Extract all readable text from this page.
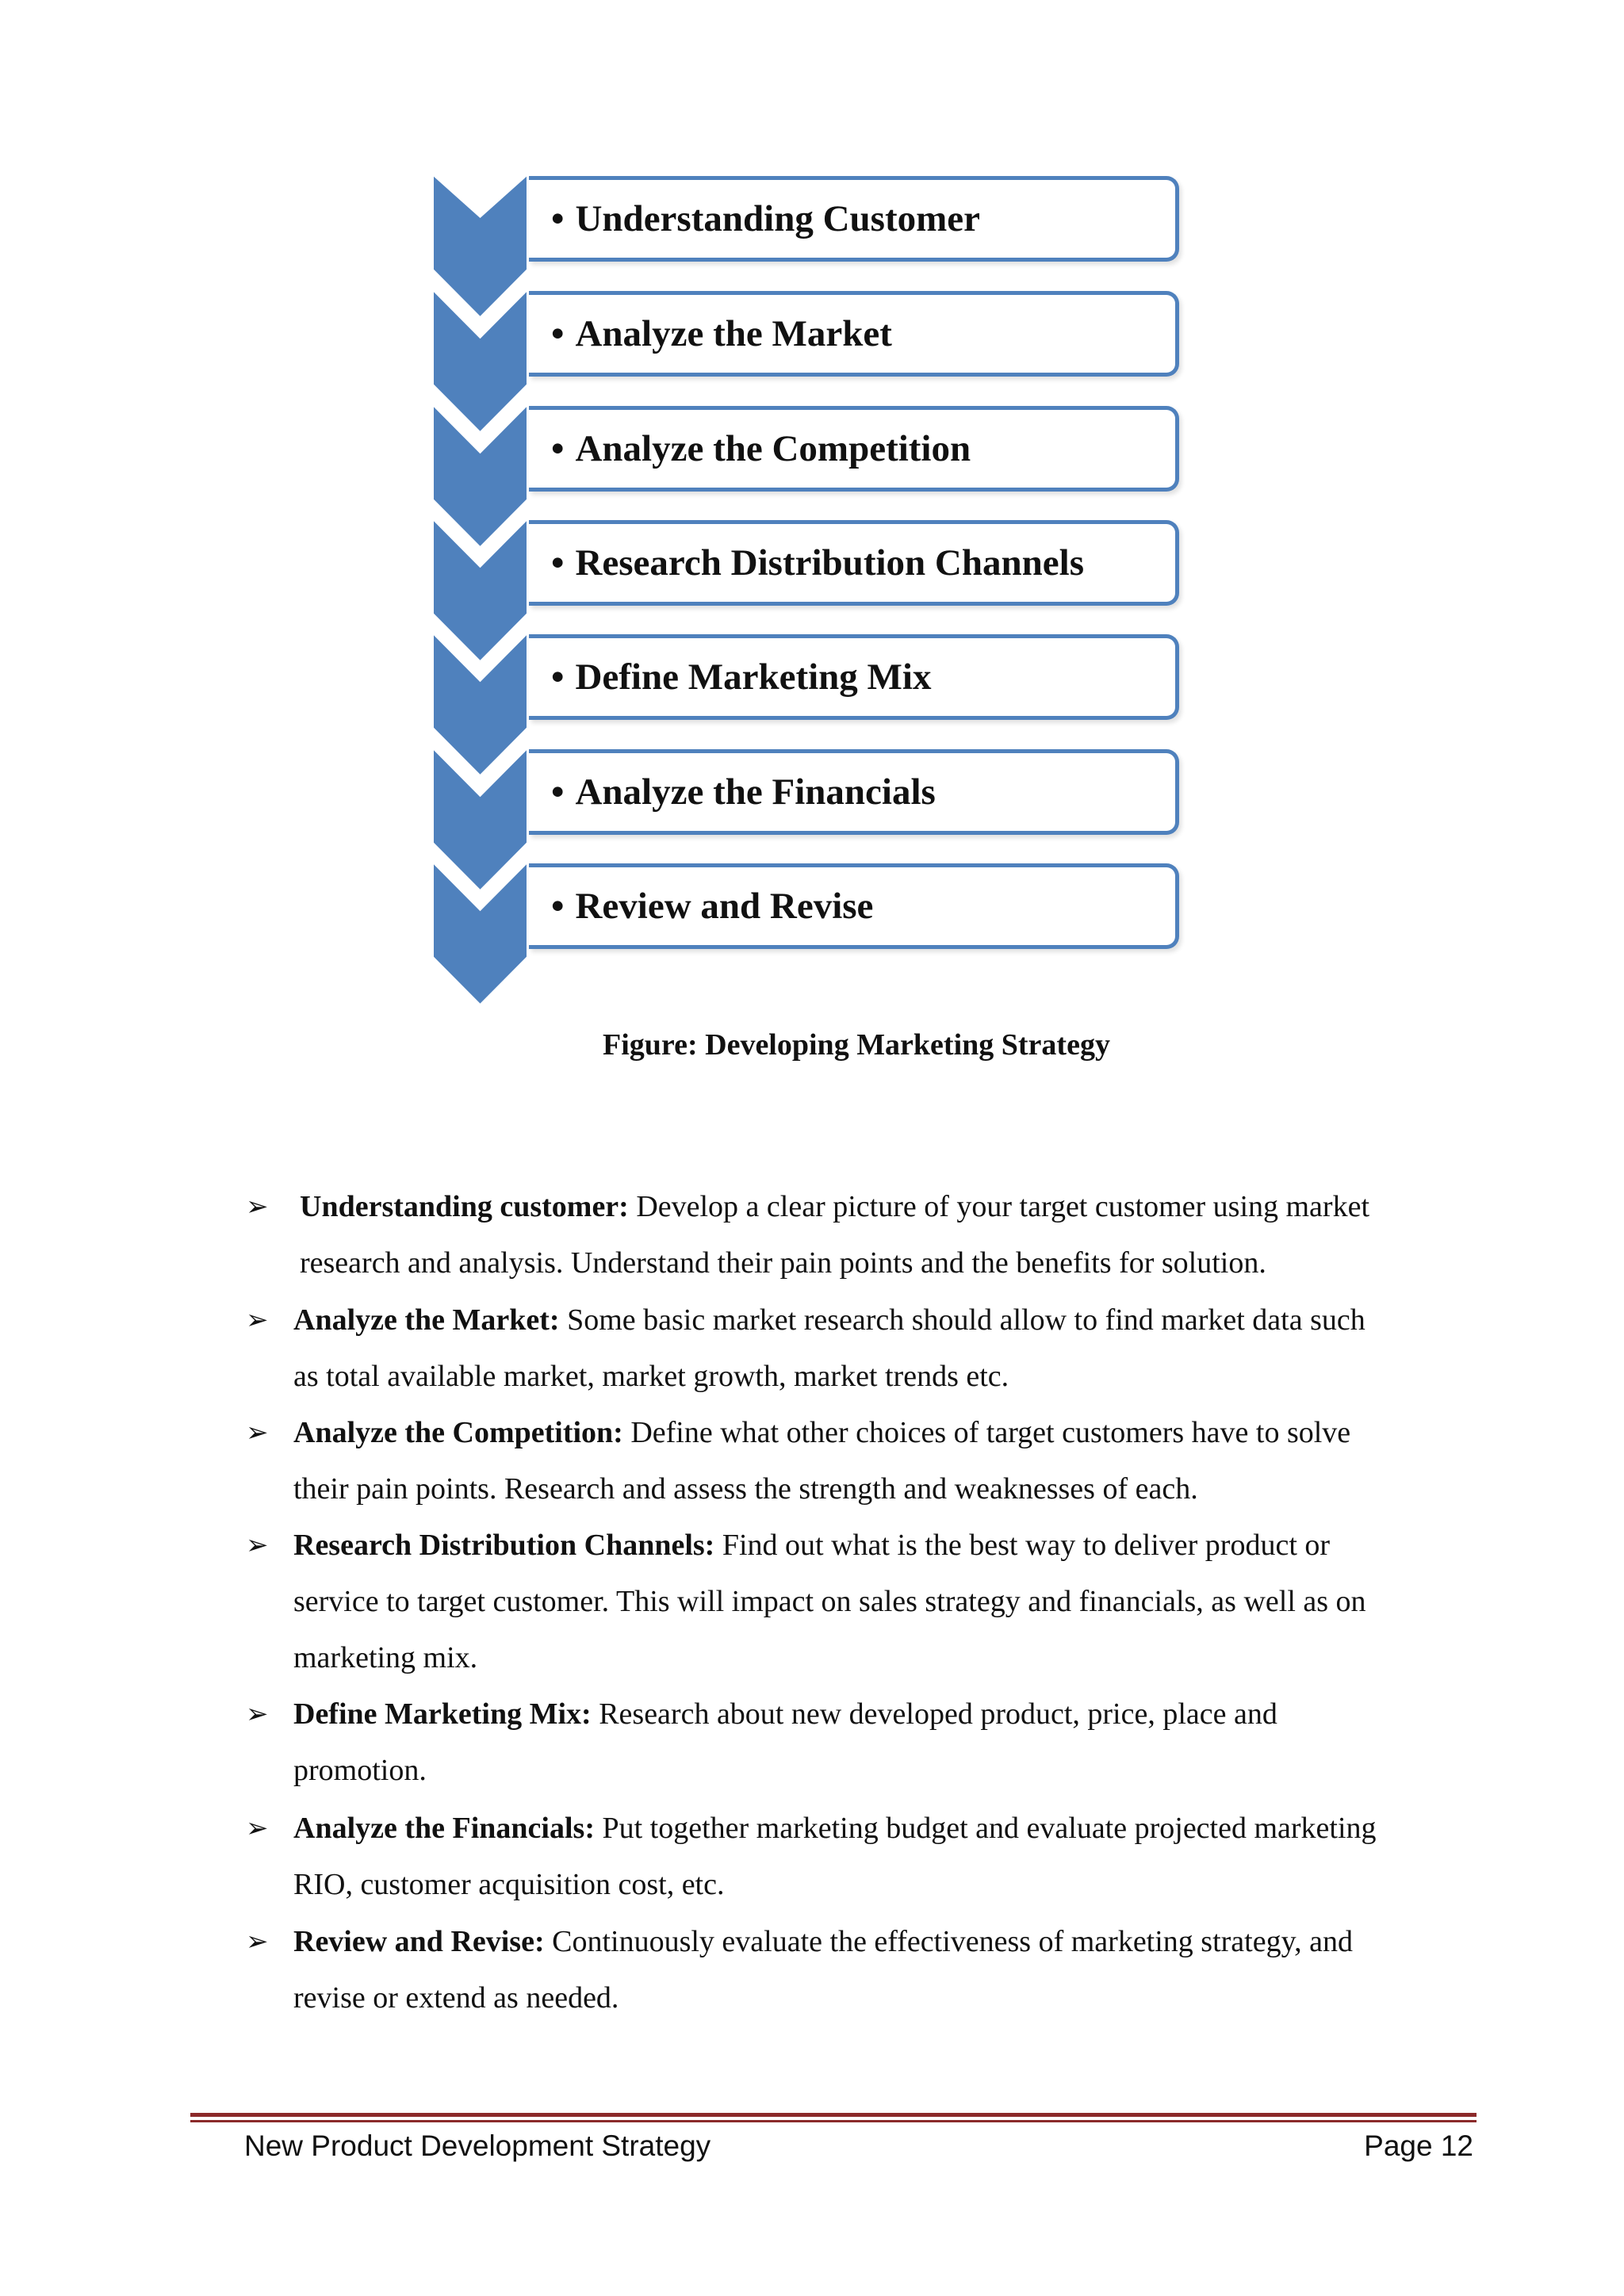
• Understanding Customer
• Analyze the Market
• Analyze the Competition
• Research Distribution Channels
• Define Marketing Mix
• Analyze the Financials
• Review and Revise
Figure: Developing Marketing Strategy
➢ Understanding customer: Develop a clear picture of your target customer using market
research and analysis. Understand their pain points and the benefits for solution.
➢ Analyze the Market: Some basic market research should allow to find market data such
as total available market, market growth, market trends etc.
➢ Analyze the Competition: Define what other choices of target customers have to solve
their pain points. Research and assess the strength and weaknesses of each.
➢ Research Distribution Channels: Find out what is the best way to deliver product or
service to target customer. This will impact on sales strategy and financials, as well as on
marketing mix.
➢ Define Marketing Mix: Research about new developed product, price, place and
promotion.
➢ Analyze the Financials: Put together marketing budget and evaluate projected marketing
RIO, customer acquisition cost, etc.
➢ Review and Revise: Continuously evaluate the effectiveness of marketing strategy, and
revise or extend as needed.
New Product Development Strategy	Page 12
